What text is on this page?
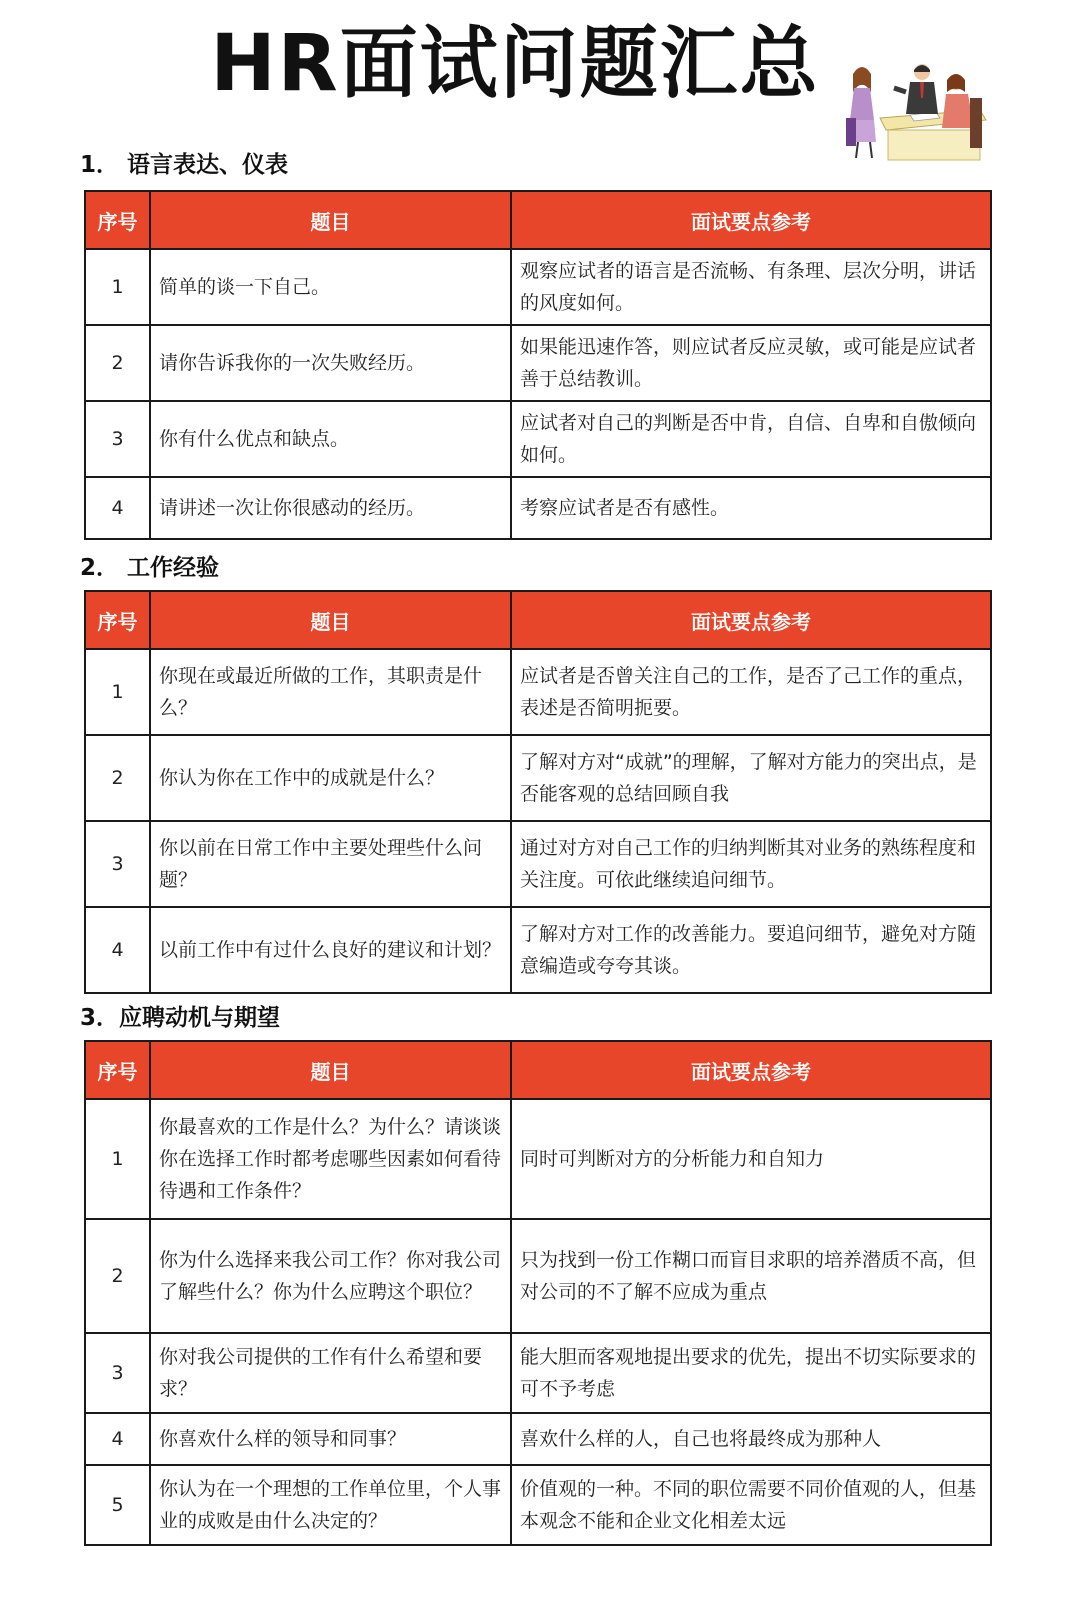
HR面试问题汇总
1． 语言表达、仪表
序号	题目	面试要点参考
1	简单的谈一下自己。	观察应试者的语言是否流畅、有条理、层次分明，讲话的风度如何。
2	请你告诉我你的一次失败经历。	如果能迅速作答，则应试者反应灵敏，或可能是应试者善于总结教训。
3	你有什么优点和缺点。	应试者对自己的判断是否中肯，自信、自卑和自傲倾向如何。
4	请讲述一次让你很感动的经历。	考察应试者是否有感性。
2． 工作经验
序号	题目	面试要点参考
1	你现在或最近所做的工作，其职责是什么？	应试者是否曾关注自己的工作，是否了己工作的重点，表述是否简明扼要。
2	你认为你在工作中的成就是什么？	了解对方对“成就”的理解，了解对方能力的突出点，是否能客观的总结回顾自我
3	你以前在日常工作中主要处理些什么问题？	通过对方对自己工作的归纳判断其对业务的熟练程度和关注度。可依此继续追问细节。
4	以前工作中有过什么良好的建议和计划？	了解对方对工作的改善能力。要追问细节，避免对方随意编造或夸夸其谈。
3．应聘动机与期望
序号	题目	面试要点参考
1	你最喜欢的工作是什么？为什么？请谈谈你在选择工作时都考虑哪些因素如何看待待遇和工作条件？	同时可判断对方的分析能力和自知力
2	你为什么选择来我公司工作？你对我公司了解些什么？你为什么应聘这个职位？	只为找到一份工作糊口而盲目求职的培养潜质不高，但对公司的不了解不应成为重点
3	你对我公司提供的工作有什么希望和要求？	能大胆而客观地提出要求的优先，提出不切实际要求的可不予考虑
4	你喜欢什么样的领导和同事？	喜欢什么样的人，自己也将最终成为那种人
5	你认为在一个理想的工作单位里，个人事业的成败是由什么决定的？	价值观的一种。不同的职位需要不同价值观的人，但基本观念不能和企业文化相差太远
